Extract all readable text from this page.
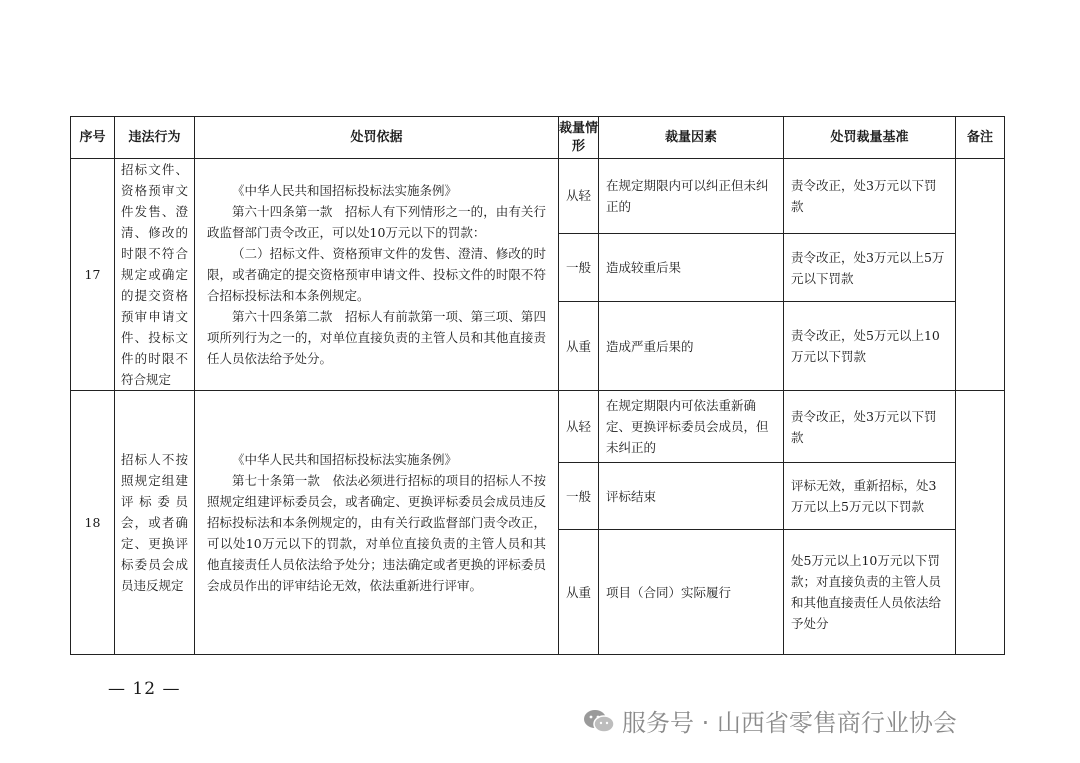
序号	违法行为	处罚依据	裁量情形	裁量因素	处罚裁量基准	备注
17	招标文件、资格预审文件发售、澄清、修改的时限不符合规定或确定的提交资格预审申请文件、投标文件的时限不符合规定	《中华人民共和国招标投标法实施条例》

第六十四条第一款　招标人有下列情形之一的，由有关行政监督部门责令改正，可以处10万元以下的罚款：

（二）招标文件、资格预审文件的发售、澄清、修改的时限，或者确定的提交资格预审申请文件、投标文件的时限不符合招标投标法和本条例规定。

第六十四条第二款　招标人有前款第一项、第三项、第四项所列行为之一的，对单位直接负责的主管人员和其他直接责任人员依法给予处分。	从轻	在规定期限内可以纠正但未纠正的	责令改正，处3万元以下罚款	
			一般	造成较重后果	责令改正，处3万元以上5万元以下罚款	
			从重	造成严重后果的	责令改正，处5万元以上10万元以下罚款	
18	招标人不按照规定组建评标委员会，或者确定、更换评标委员会成员违反规定	《中华人民共和国招标投标法实施条例》

第七十条第一款　依法必须进行招标的项目的招标人不按照规定组建评标委员会，或者确定、更换评标委员会成员违反招标投标法和本条例规定的，由有关行政监督部门责令改正，可以处10万元以下的罚款，对单位直接负责的主管人员和其他直接责任人员依法给予处分；违法确定或者更换的评标委员会成员作出的评审结论无效，依法重新进行评审。	从轻	在规定期限内可依法重新确定、更换评标委员会成员，但未纠正的	责令改正，处3万元以下罚款	
			一般	评标结束	评标无效，重新招标，处3万元以上5万元以下罚款	
			从重	项目（合同）实际履行	处5万元以上10万元以下罚款；对直接负责的主管人员和其他直接责任人员依法给予处分	
— 12 —
服务号 · 山西省零售商行业协会
